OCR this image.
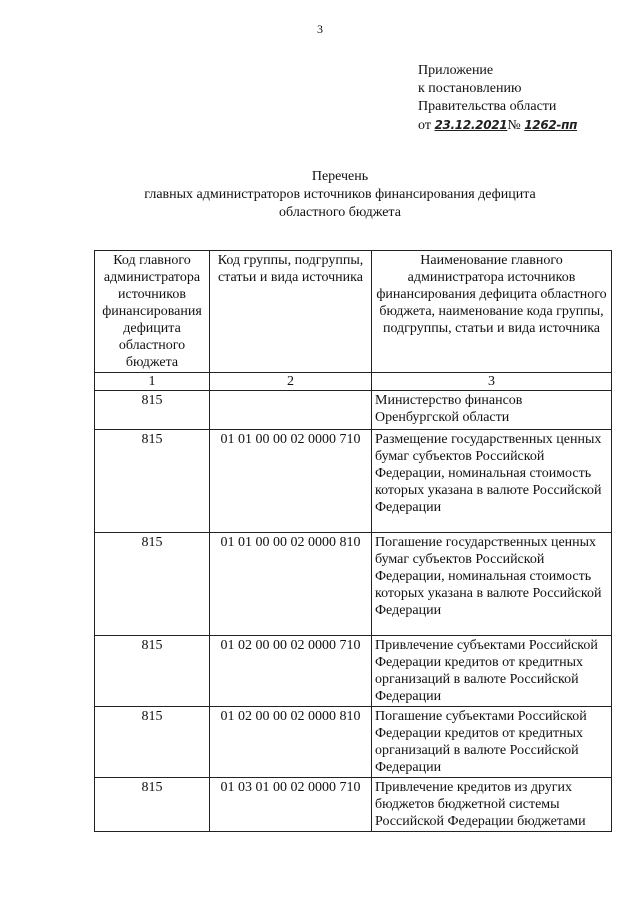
3
Приложение
к постановлению
Правительства области
от 23.12.2021№ 1262-пп
Перечень
главных администраторов источников финансирования дефицита
областного бюджета
Код главного администратора источников финансирования дефицита областного бюджета	Код группы, подгруппы, статьи и вида источника	Наименование главного администратора источников финансирования дефицита областного бюджета, наименование кода группы, подгруппы, статьи и вида источника
1	2	3
815		Министерство финансов Оренбургской области
815	01 01 00 00 02 0000 710	Размещение государственных ценных бумаг субъектов Российской Федерации, номинальная стоимость которых указана в валюте Российской Федерации
815	01 01 00 00 02 0000 810	Погашение государственных ценных бумаг субъектов Российской Федерации, номинальная стоимость которых указана в валюте Российской Федерации
815	01 02 00 00 02 0000 710	Привлечение субъектами Российской Федерации кредитов от кредитных организаций в валюте Российской Федерации
815	01 02 00 00 02 0000 810	Погашение субъектами Российской Федерации кредитов от кредитных организаций в валюте Российской Федерации
815	01 03 01 00 02 0000 710	Привлечение кредитов из других бюджетов бюджетной системы Российской Федерации бюджетами
